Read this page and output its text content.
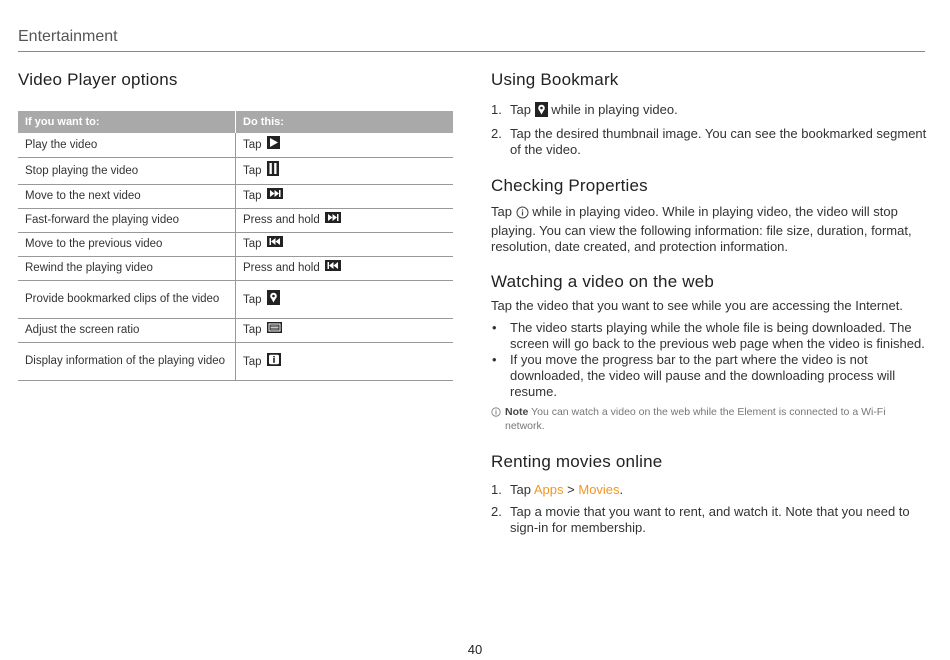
Entertainment
Video Player options
If you want to:	Do this:
Play the video	Tap
Stop playing the video	Tap
Move to the next video	Tap
Fast-forward the playing video	Press and hold
Move to the previous video	Tap
Rewind the playing video	Press and hold
Provide bookmarked clips of the video	Tap
Adjust the screen ratio	Tap
Display information of the playing video	Tap
Using Bookmark

1. Tap while in playing video.

2. Tap the desired thumbnail image. You can see the bookmarked segment of the video.

Checking Properties

Tap while in playing video. While in playing video, the video will stop playing. You can view the following information: file size, duration, format, resolution, date created, and protection information.

Watching a video on the web

Tap the video that you want to see while you are accessing the Internet.

• The video starts playing while the whole file is being downloaded. The screen will go back to the previous web page when the video is finished.

• If you move the progress bar to the part where the video is not downloaded, the video will pause and the downloading process will resume.

Note You can watch a video on the web while the Element is connected to a Wi-Fi network.

Renting movies online

1. Tap Apps > Movies.

2. Tap a movie that you want to rent, and watch it. Note that you need to sign-in for membership.

40
